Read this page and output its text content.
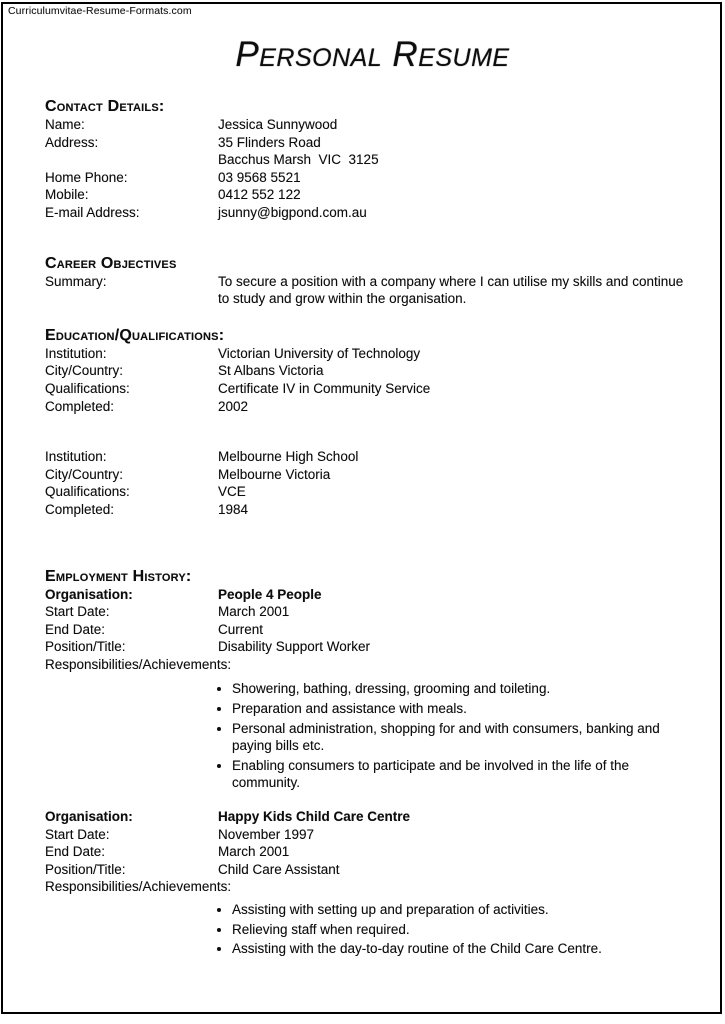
Curriculumvitae-Resume-Formats.com
Personal Resume
Contact Details:
Name:	Jessica Sunnywood
Address:	35 Flinders Road
Bacchus Marsh  VIC  3125
Home Phone:	03 9568 5521
Mobile:	0412 552 122
E-mail Address:	jsunny@bigpond.com.au
Career Objectives
Summary:	To secure a position with a company where I can utilise my skills and continue to study and grow within the organisation.
Education/Qualifications:
Institution:	Victorian University of Technology
City/Country:	St Albans Victoria
Qualifications:	Certificate IV in Community Service
Completed:	2002
Institution:	Melbourne High School
City/Country:	Melbourne Victoria
Qualifications:	VCE
Completed:	1984
Employment History:
Organisation:	People 4 People
Start Date:	March 2001
End Date:	Current
Position/Title:	Disability Support Worker
Responsibilities/Achievements:
• Showering, bathing, dressing, grooming and toileting.
• Preparation and assistance with meals.
• Personal administration, shopping for and with consumers, banking and paying bills etc.
• Enabling consumers to participate and be involved in the life of the community.
Organisation:	Happy Kids Child Care Centre
Start Date:	November 1997
End Date:	March 2001
Position/Title:	Child Care Assistant
Responsibilities/Achievements:
• Assisting with setting up and preparation of activities.
• Relieving staff when required.
• Assisting with the day-to-day routine of the Child Care Centre.
